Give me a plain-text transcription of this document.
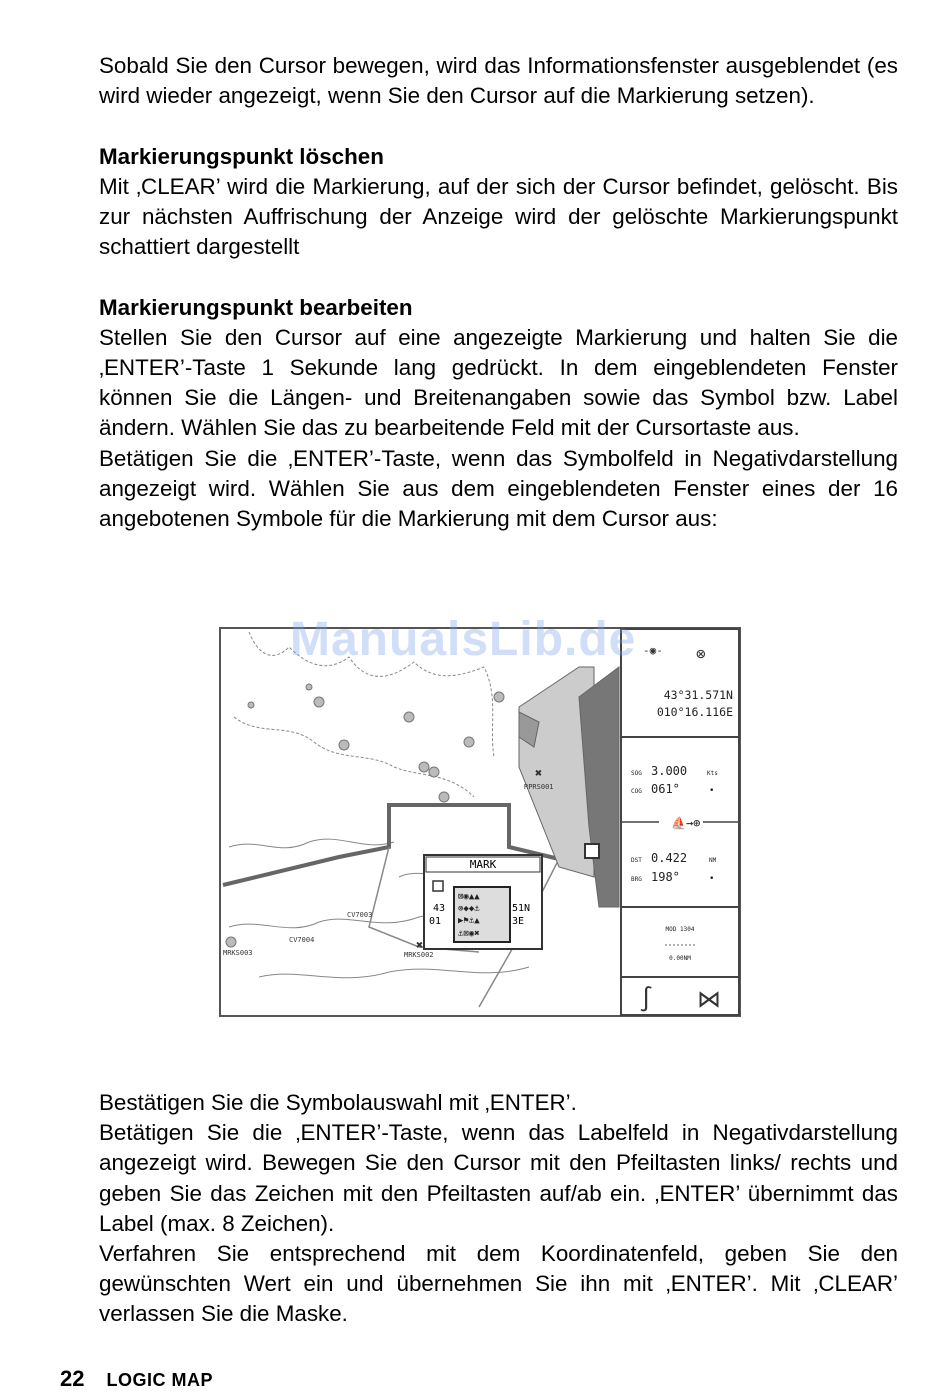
Sobald Sie den Cursor bewegen, wird das Informationsfenster ausgeblendet (es wird wieder angezeigt, wenn Sie den Cursor auf die Markierung setzen).

Markierungspunkt löschen

Mit ‚CLEAR’ wird die Markierung, auf der sich der Cursor befindet, gelöscht. Bis zur nächsten Auffrischung der Anzeige wird der gelöschte Markierungspunkt schattiert dargestellt

Markierungspunkt bearbeiten

Stellen Sie den Cursor auf eine angezeigte Markierung und halten Sie die ‚ENTER’-Taste 1 Sekunde lang gedrückt. In dem eingeblendeten Fenster können Sie die Längen- und Breitenangaben sowie das Symbol bzw. Label ändern. Wählen Sie das zu bearbeitende Feld mit der Cursortaste aus.

Betätigen Sie die ‚ENTER’-Taste, wenn das Symbolfeld in Negativdarstellung angezeigt wird. Wählen Sie aus dem eingeblendeten Fenster eines der 16 angebotenen Symbole für die Markierung mit dem Cursor aus:

RPRS001
CV7003
CV7004
MRKS002
MRKS003
✖
✖
MARK
43	51N
01	3E
⊠◉▲▲
⊗◆◆⚓
▶⚑⚓▲
⚓⊠◉✖
⛵→⊕
⊗
-◉-
43°31.571N
010°16.116E
SOG 3.000	Kts
COG 061°	•
DST 0.422	NM
BRG 198°	•
MOD 1304
0.00NM
∫ ⋈
ManualsLib.de

Bestätigen Sie die Symbolauswahl mit ‚ENTER’.

Betätigen Sie die ‚ENTER’-Taste, wenn das Labelfeld in Negativdarstellung angezeigt wird. Bewegen Sie den Cursor mit den Pfeiltasten links/ rechts und geben Sie das Zeichen mit den Pfeiltasten auf/ab ein. ‚ENTER’ übernimmt das Label (max. 8 Zeichen).

Verfahren Sie entsprechend mit dem Koordinatenfeld, geben Sie den gewünschten Wert ein und übernehmen Sie ihn mit ‚ENTER’. Mit ‚CLEAR’ verlassen Sie die Maske.

22 LOGIC MAP
